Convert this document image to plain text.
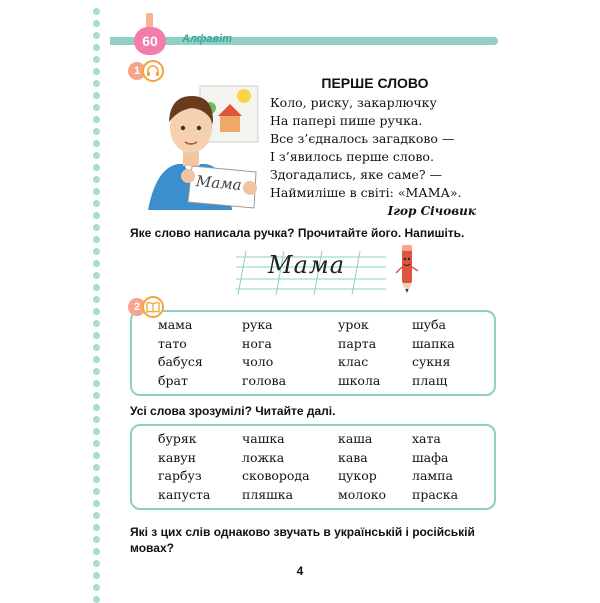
60	Алфавіт
1
Мама
ПЕРШЕ СЛОВО
Коло, риску, закарлючку
На папері пише ручка.
Все з’єдналось загадково —
І з’явилось перше слово.
Здогадались, яке саме? —
Наймиліше в світі: «МАМА».
Ігор Січовик
Яке слово написала ручка? Прочитайте його. Напишіть.
Мама
2
мама	рука	урок	шуба
тато	нога	парта	шапка
бабуся	чоло	клас	сукня
брат	голова	школа	плащ
Усі слова зрозумілі? Читайте далі.
буряк	чашка	каша	хата
кавун	ложка	кава	шафа
гарбуз	сковорода	цукор	лампа
капуста	пляшка	молоко	праска
Які з цих слів однаково звучать в українській і російській мовах?
4
